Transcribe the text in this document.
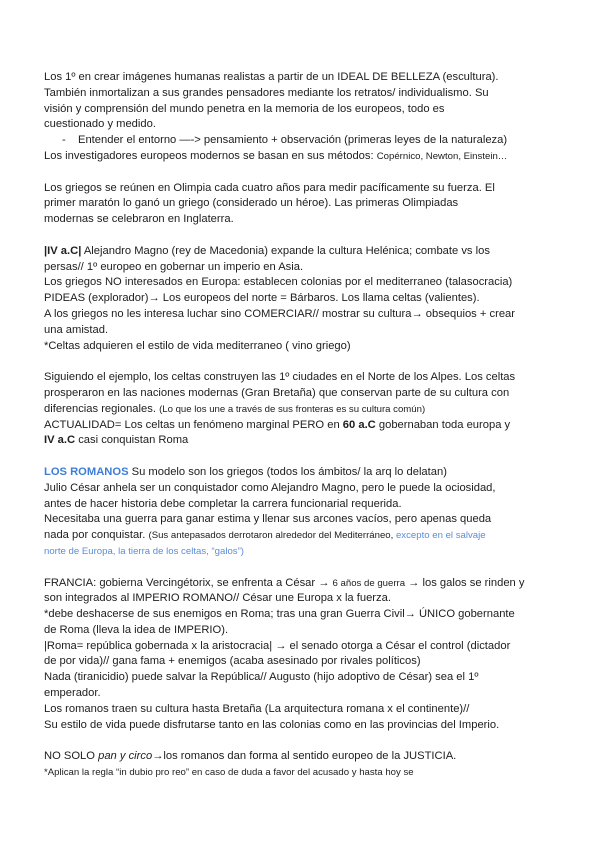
Los 1º en crear imágenes humanas realistas a partir de un IDEAL DE BELLEZA (escultura).
También inmortalizan a sus grandes pensadores mediante los retratos/ individualismo. Su
visión y comprensión del mundo penetra en la memoria de los europeos, todo es
cuestionado y medido.
- Entender el entorno —-> pensamiento + observación (primeras leyes de la naturaleza)
Los investigadores europeos modernos se basan en sus métodos: Copérnico, Newton, Einstein…
Los griegos se reúnen en Olimpia cada cuatro años para medir pacíficamente su fuerza. El
primer maratón lo ganó un griego (considerado un héroe). Las primeras Olimpiadas
modernas se celebraron en Inglaterra.
|IV a.C| Alejandro Magno (rey de Macedonia) expande la cultura Helénica; combate vs los
persas// 1º europeo en gobernar un imperio en Asia.
Los griegos NO interesados en Europa: establecen colonias por el mediterraneo (talasocracia)
PIDEAS (explorador)→ Los europeos del norte = Bárbaros. Los llama celtas (valientes).
A los griegos no les interesa luchar sino COMERCIAR// mostrar su cultura→ obsequios + crear
una amistad.
*Celtas adquieren el estilo de vida mediterraneo ( vino griego)
Siguiendo el ejemplo, los celtas construyen las 1º ciudades en el Norte de los Alpes. Los celtas
prosperaron en las naciones modernas (Gran Bretaña) que conservan parte de su cultura con
diferencias regionales. (Lo que los une a través de sus fronteras es su cultura común)
ACTUALIDAD= Los celtas un fenómeno marginal PERO en 60 a.C gobernaban toda europa y
IV a.C casi conquistan Roma
LOS ROMANOS Su modelo son los griegos (todos los ámbitos/ la arq lo delatan)
Julio César anhela ser un conquistador como Alejandro Magno, pero le puede la ociosidad,
antes de hacer historia debe completar la carrera funcionarial requerida.
Necesitaba una guerra para ganar estima y llenar sus arcones vacíos, pero apenas queda
nada por conquistar. (Sus antepasados derrotaron alrededor del Mediterráneo, excepto en el salvaje
norte de Europa, la tierra de los celtas, “galos”)
FRANCIA: gobierna Vercingétorix, se enfrenta a César → 6 años de guerra → los galos se rinden y
son integrados al IMPERIO ROMANO// César une Europa x la fuerza.
*debe deshacerse de sus enemigos en Roma; tras una gran Guerra Civil→ ÚNICO gobernante
de Roma (lleva la idea de IMPERIO).
|Roma= república gobernada x la aristocracia| → el senado otorga a César el control (dictador
de por vida)// gana fama + enemigos (acaba asesinado por rivales políticos)
Nada (tiranicidio) puede salvar la República// Augusto (hijo adoptivo de César) sea el 1º
emperador.
Los romanos traen su cultura hasta Bretaña (La arquitectura romana x el continente)//
Su estilo de vida puede disfrutarse tanto en las colonias como en las provincias del Imperio.
NO SOLO pan y circo→los romanos dan forma al sentido europeo de la JUSTICIA.
*Aplican la regla “in dubio pro reo” en caso de duda a favor del acusado y hasta hoy se
